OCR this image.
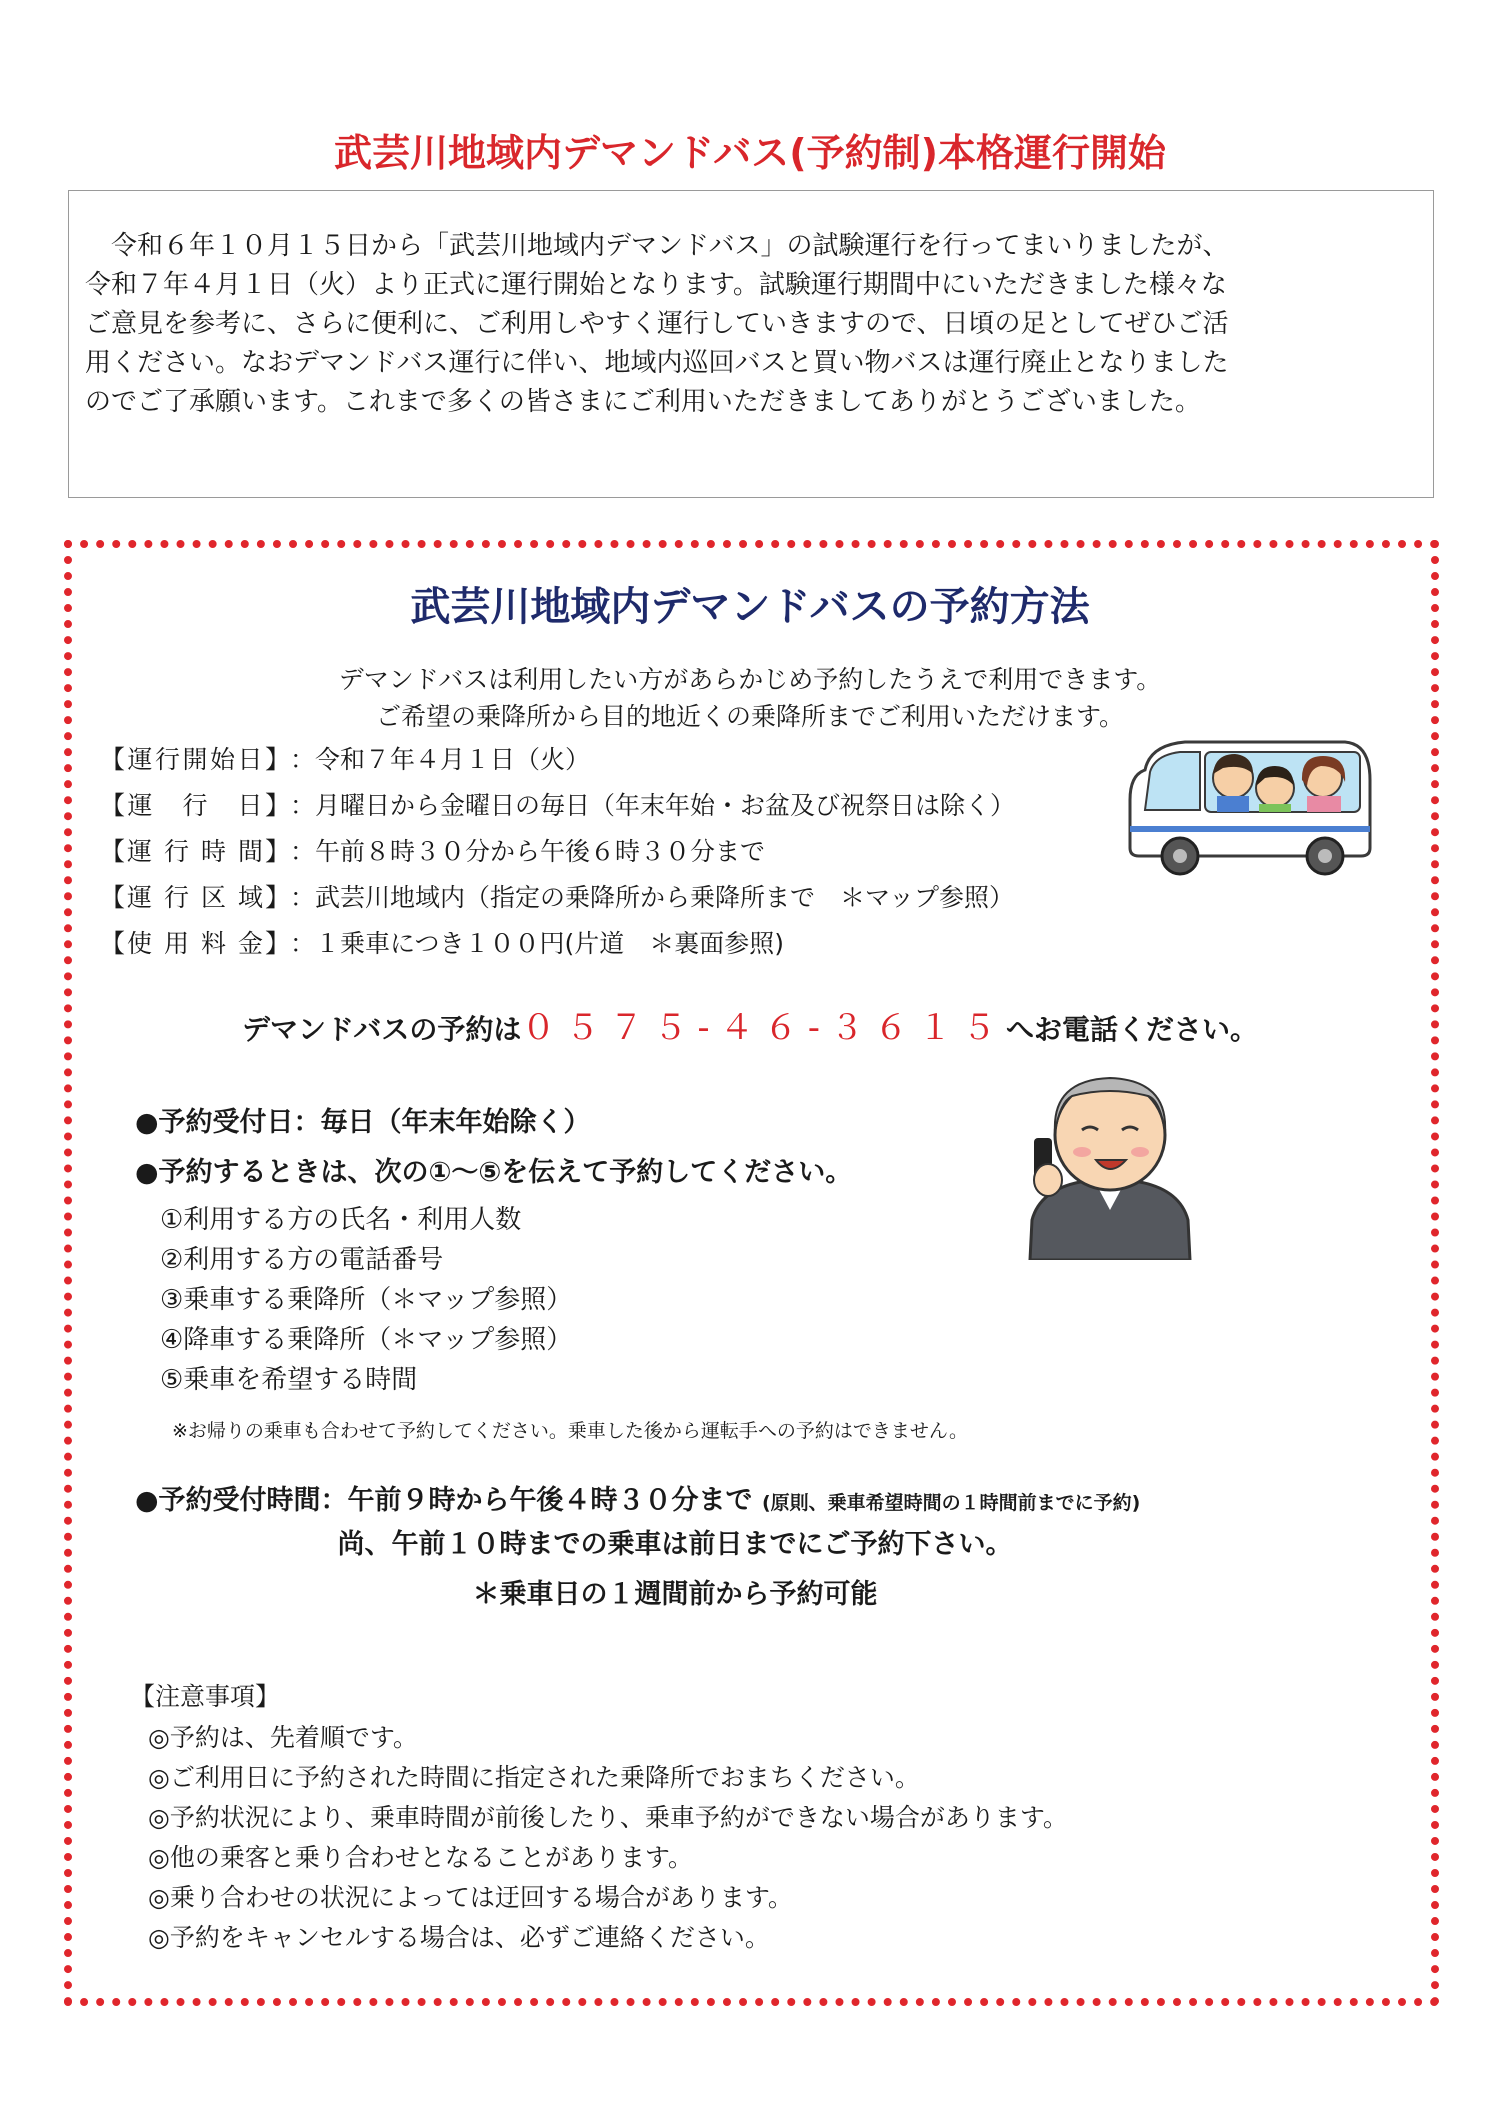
武芸川地域内デマンドバス(予約制)本格運行開始

　令和６年１０月１５日から「武芸川地域内デマンドバス」の試験運行を行ってまいりましたが、
令和７年４月１日（火）より正式に運行開始となります。試験運行期間中にいただきました様々な
ご意見を参考に、さらに便利に、ご利用しやすく運行していきますので、日頃の足としてぜひご活
用ください。なおデマンドバス運行に伴い、地域内巡回バスと買い物バスは運行廃止となりました
のでご了承願います。これまで多くの皆さまにご利用いただきましてありがとうございました。

武芸川地域内デマンドバスの予約方法
デマンドバスは利用したい方があらかじめ予約したうえで利用できます。
ご希望の乗降所から目的地近くの乗降所までご利用いただけます。
【運行開始日】：令和７年４月１日（火）
【運　行　日】：月曜日から金曜日の毎日（年末年始・お盆及び祝祭日は除く）
【運 行 時 間】：午前８時３０分から午後６時３０分まで
【運 行 区 域】：武芸川地域内（指定の乗降所から乗降所まで　＊マップ参照）
【使 用 料 金】：１乗車につき１００円(片道　＊裏面参照)
デマンドバスの予約は０５７５-４６-３６１５へお電話ください。
●予約受付日：毎日（年末年始除く）
●予約するときは、次の①～⑤を伝えて予約してください。
①利用する方の氏名・利用人数
②利用する方の電話番号
③乗車する乗降所（＊マップ参照）
④降車する乗降所（＊マップ参照）
⑤乗車を希望する時間
※お帰りの乗車も合わせて予約してください。乗車した後から運転手への予約はできません。
●予約受付時間：午前９時から午後４時３０分まで (原則、乗車希望時間の１時間前までに予約)
尚、午前１０時までの乗車は前日までにご予約下さい。
＊乗車日の１週間前から予約可能
【注意事項】
◎予約は、先着順です。
◎ご利用日に予約された時間に指定された乗降所でおまちください。
◎予約状況により、乗車時間が前後したり、乗車予約ができない場合があります。
◎他の乗客と乗り合わせとなることがあります。
◎乗り合わせの状況によっては迂回する場合があります。
◎予約をキャンセルする場合は、必ずご連絡ください。
